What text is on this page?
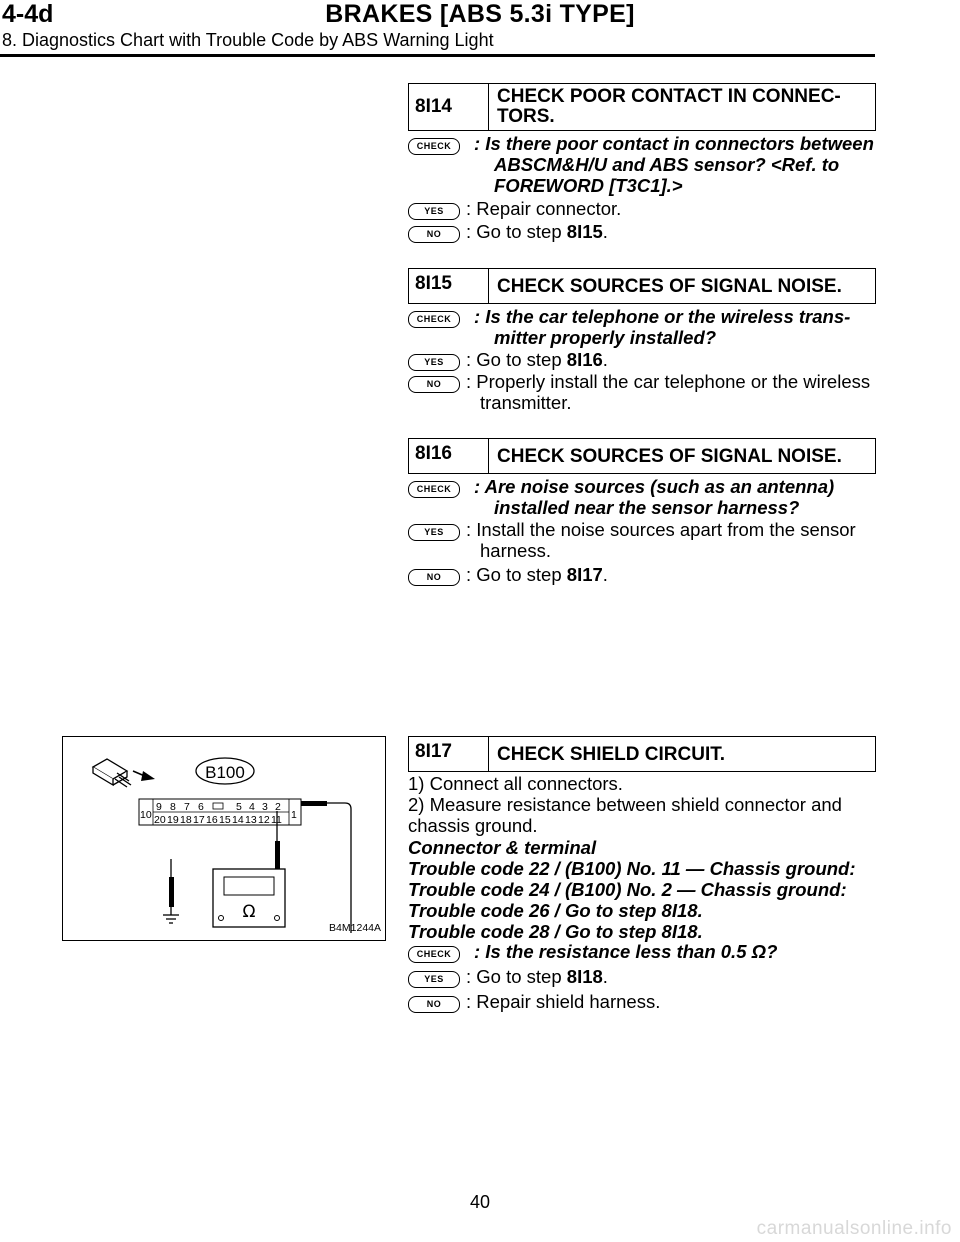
4-4d	BRAKES [ABS 5.3i TYPE]
8. Diagnostics Chart with Trouble Code by ABS Warning Light
8I14	CHECK POOR CONTACT IN CONNEC-
TORS.
CHECK	: Is there poor contact in connectors between
ABSCM&H/U and ABS sensor? <Ref. to
FOREWORD [T3C1].>
YES	: Repair connector.
NO	: Go to step 8I15.
8I15	CHECK SOURCES OF SIGNAL NOISE.
CHECK	: Is the car telephone or the wireless trans-
mitter properly installed?
YES	: Go to step 8I16.
NO	: Properly install the car telephone or the wireless
transmitter.
8I16	CHECK SOURCES OF SIGNAL NOISE.
CHECK	: Are noise sources (such as an antenna)
installed near the sensor harness?
YES	: Install the noise sources apart from the sensor
harness.
NO	: Go to step 8I17.
B100
10	1
9 8 7 6	5 4 3 2
20 19 18 17 16 15 14 13 12 11
Ω
B4M1244A
8I17	CHECK SHIELD CIRCUIT.
1) Connect all connectors.
2) Measure resistance between shield connector and
chassis ground.
Connector & terminal
Trouble code 22 / (B100) No. 11 — Chassis ground:
Trouble code 24 / (B100) No. 2 — Chassis ground:
Trouble code 26 / Go to step 8I18.
Trouble code 28 / Go to step 8I18.
CHECK	: Is the resistance less than 0.5 Ω?
YES	: Go to step 8I18.
NO	: Repair shield harness.
40
carmanualsonline.info
